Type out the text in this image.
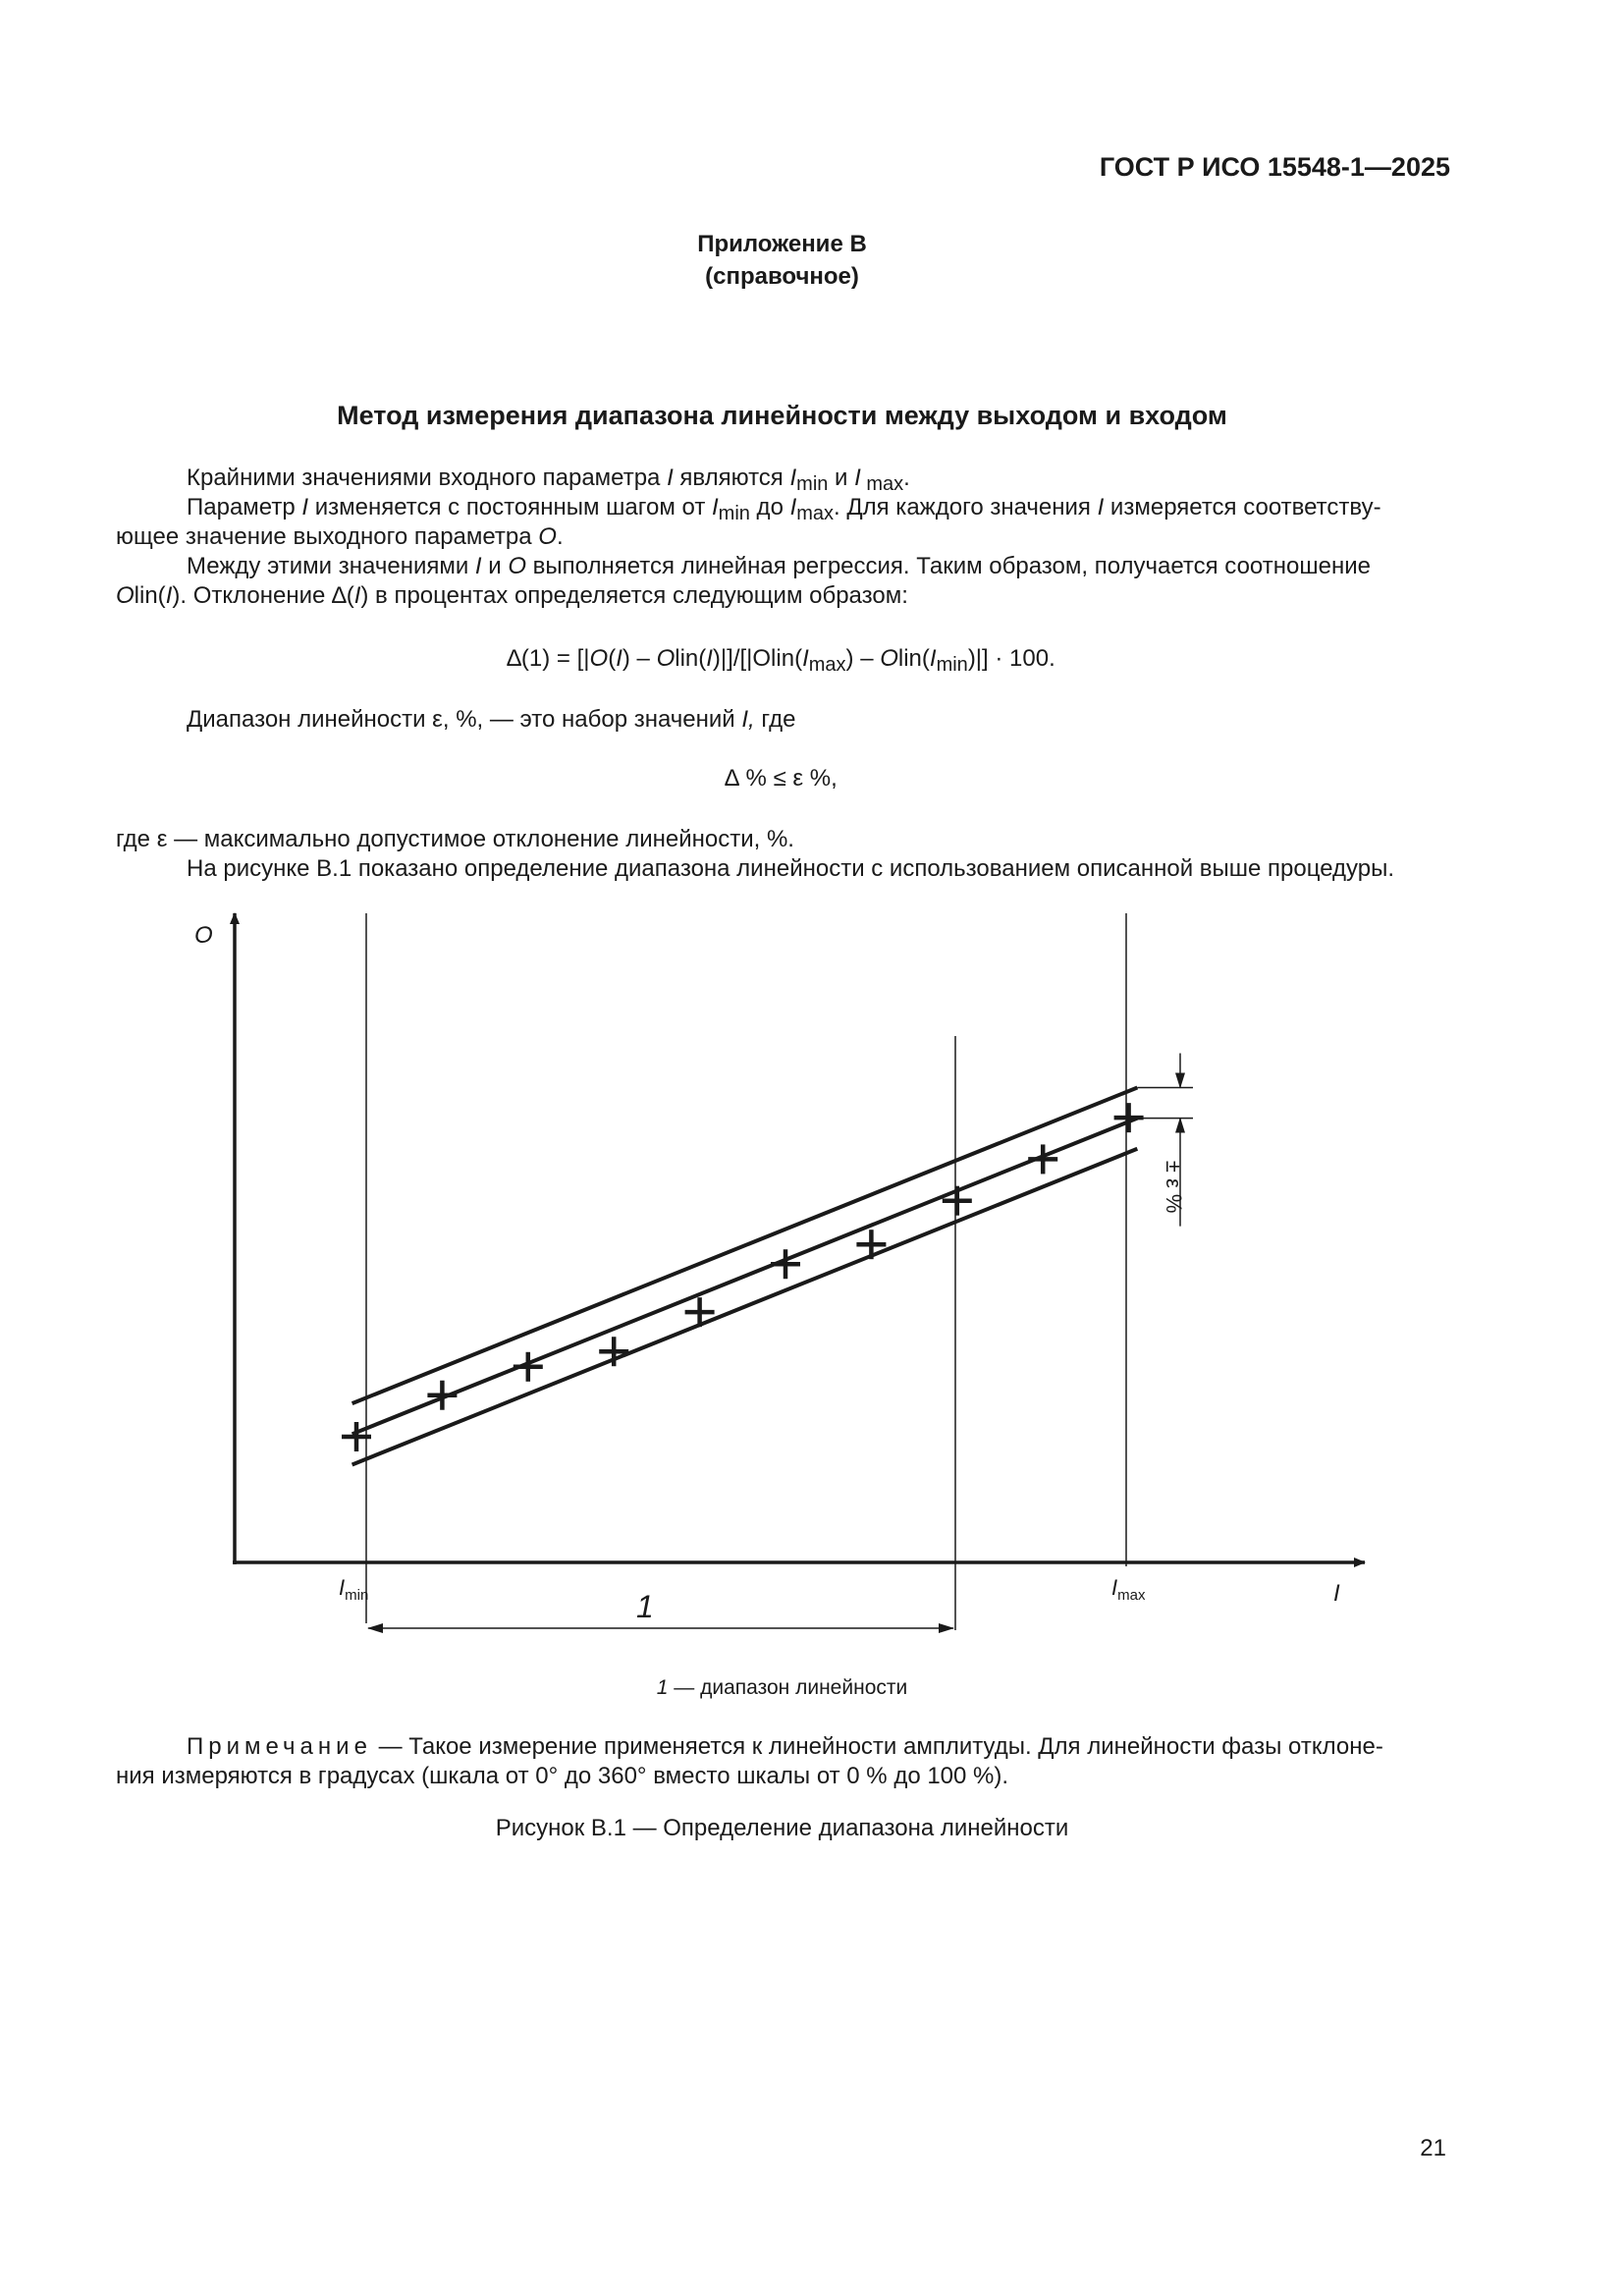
ГОСТ Р ИСО 15548-1—2025
Приложение В
(справочное)
Метод измерения диапазона линейности между выходом и входом
Крайними значениями входного параметра I являются $I_{min}$ и I $_{max}$.
Параметр I изменяется с постоянным шагом от $I_{min}$ до $I_{max}$. Для каждого значения I измеряется соответству-
ющее значение выходного параметра O.
Между этими значениями I и O выполняется линейная регрессия. Таким образом, получается соотношение
Olin(I). Отклонение ∆(I) в процентах определяется следующим образом:
$\Delta(1) = [|O(I) - Olin(I)|]/[|Olin(I_{max})$ – $Olin(I_{min})|] \cdot 100$.
Диапазон линейности ε, %, — это набор значений I, где
∆ % ≤ ε %,
где ε — максимально допустимое отклонение линейности, %.
На рисунке В.1 показано определение диапазона линейности с использованием описанной выше процедуры.
O
I
$I_{min}$	$I_{max}$
1
± ε %
1 — диапазон линейности
Примечание — Такое измерение применяется к линейности амплитуды. Для линейности фазы отклоне-
ния измеряются в градусах (шкала от 0° до 360° вместо шкалы от 0 % до 100 %).
Рисунок В.1 — Определение диапазона линейности
21
